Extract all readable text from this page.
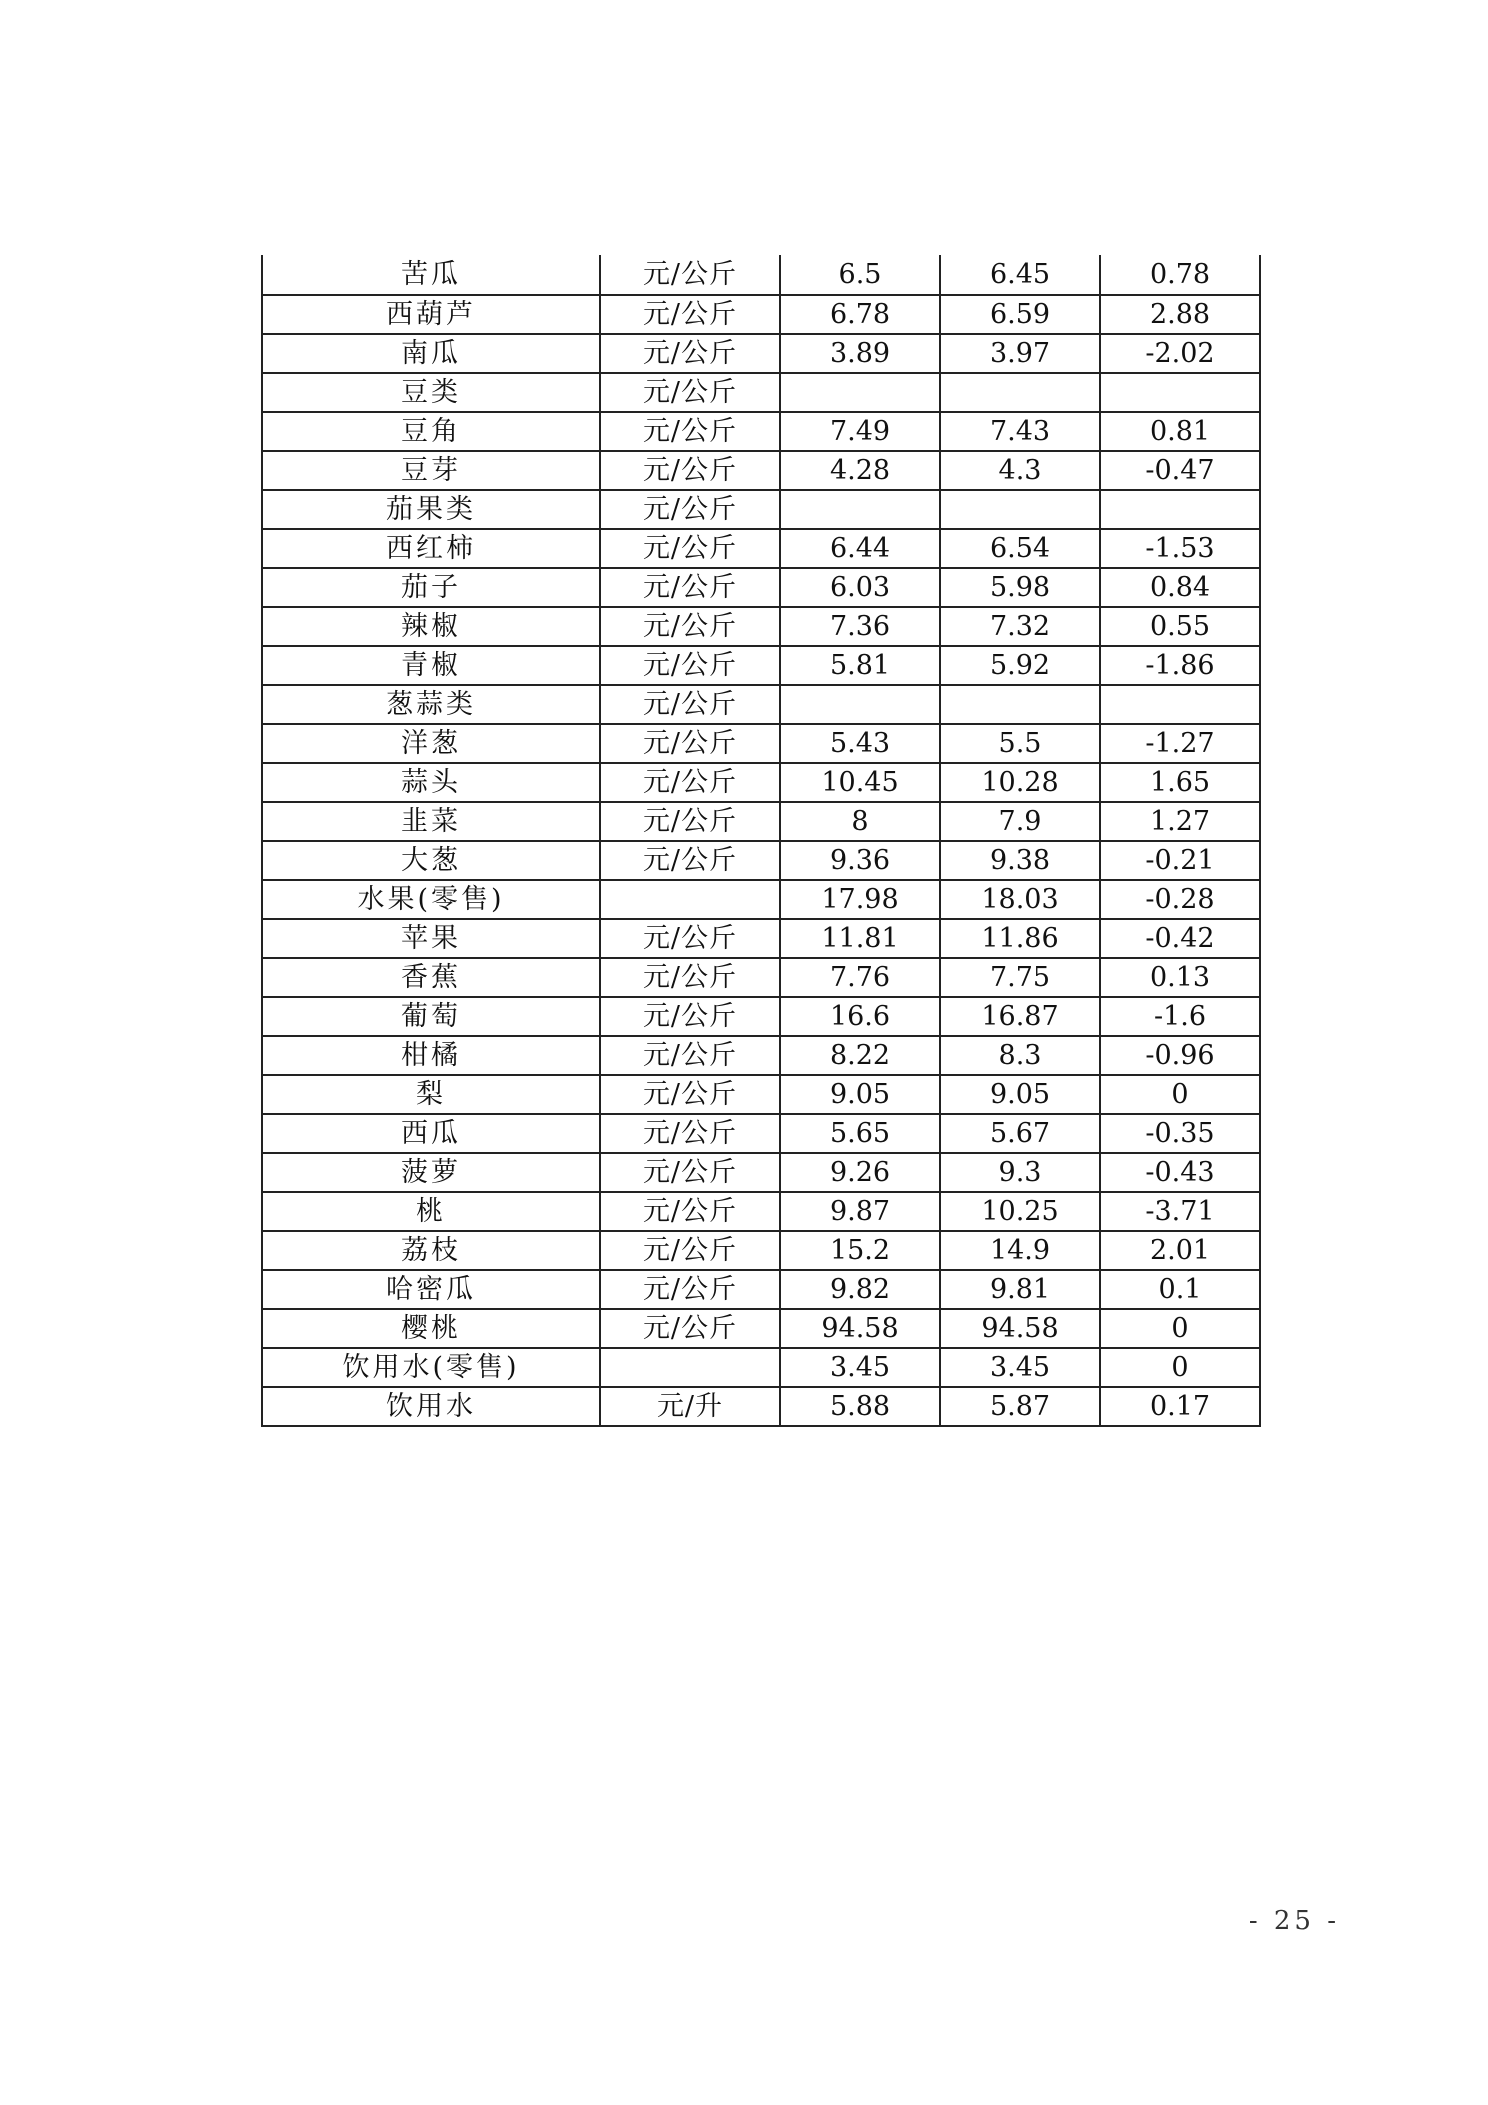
苦瓜	元/公斤	6.5	6.45	0.78
西葫芦	元/公斤	6.78	6.59	2.88
南瓜	元/公斤	3.89	3.97	-2.02
豆类	元/公斤			
豆角	元/公斤	7.49	7.43	0.81
豆芽	元/公斤	4.28	4.3	-0.47
茄果类	元/公斤			
西红柿	元/公斤	6.44	6.54	-1.53
茄子	元/公斤	6.03	5.98	0.84
辣椒	元/公斤	7.36	7.32	0.55
青椒	元/公斤	5.81	5.92	-1.86
葱蒜类	元/公斤			
洋葱	元/公斤	5.43	5.5	-1.27
蒜头	元/公斤	10.45	10.28	1.65
韭菜	元/公斤	8	7.9	1.27
大葱	元/公斤	9.36	9.38	-0.21
水果(零售)		17.98	18.03	-0.28
苹果	元/公斤	11.81	11.86	-0.42
香蕉	元/公斤	7.76	7.75	0.13
葡萄	元/公斤	16.6	16.87	-1.6
柑橘	元/公斤	8.22	8.3	-0.96
梨	元/公斤	9.05	9.05	0
西瓜	元/公斤	5.65	5.67	-0.35
菠萝	元/公斤	9.26	9.3	-0.43
桃	元/公斤	9.87	10.25	-3.71
荔枝	元/公斤	15.2	14.9	2.01
哈密瓜	元/公斤	9.82	9.81	0.1
樱桃	元/公斤	94.58	94.58	0
饮用水(零售)		3.45	3.45	0
饮用水	元/升	5.88	5.87	0.17
- 25 -
